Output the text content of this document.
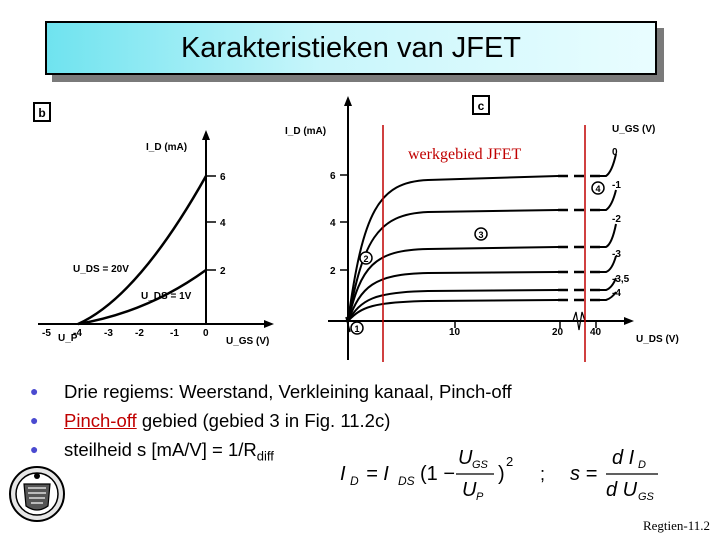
Karakteristieken van JFET
b
I_D (mA)
6
4
2
-5 -4 -3 -2	-1 0
U_P	U_GS (V)
U_DS = 20V
U_DS = 1V
c
I_D (mA)
6
4
2
10	20	40
U_DS (V)
U_GS (V)
0
-1
-2
-3
-3,5
-4
1
2
3
4
werkgebied JFET
● Drie regiems: Weerstand, Verkleining kanaal, Pinch-off
● Pinch-off gebied (gebied 3 in Fig. 11.2c)
● steilheid s $[mA/V] = 1/R_{diff}$
I D = I DS (1 −
U GS
U P
)
2
; s =
d I D
d U GS
Regtien-11.2
